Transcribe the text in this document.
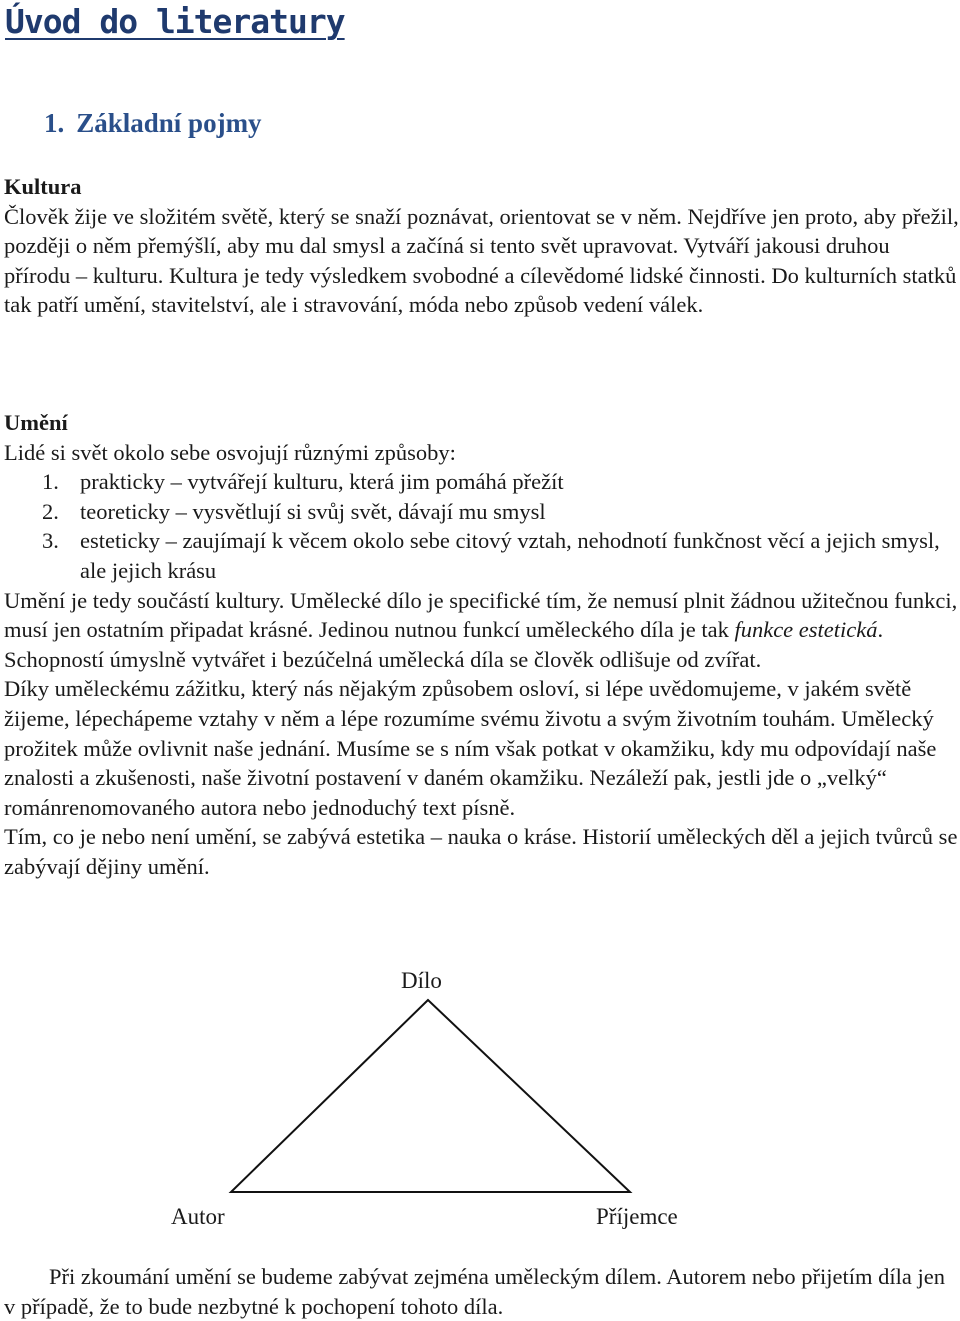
Úvod do literatury
1. Základní pojmy
Kultura

Člověk žije ve složitém světě, který se snaží poznávat, orientovat se v něm. Nejdříve jen proto, aby přežil, později o něm přemýšlí, aby mu dal smysl a začíná si tento svět upravovat. Vytváří jakousi druhou přírodu – kulturu. Kultura je tedy výsledkem svobodné a cílevědomé lidské činnosti. Do kulturních statků tak patří umění, stavitelství, ale i stravování, móda nebo způsob vedení válek.

Umění

Lidé si svět okolo sebe osvojují různými způsoby:

1. prakticky – vytvářejí kulturu, která jim pomáhá přežít
2. teoreticky – vysvětlují si svůj svět, dávají mu smysl
3. esteticky – zaujímají k věcem okolo sebe citový vztah, nehodnotí funkčnost věcí a jejich smysl, ale jejich krásu

Umění je tedy součástí kultury. Umělecké dílo je specifické tím, že nemusí plnit žádnou užitečnou funkci, musí jen ostatním připadat krásné. Jedinou nutnou funkcí uměleckého díla je tak funkce estetická. Schopností úmyslně vytvářet i bezúčelná umělecká díla se člověk odlišuje od zvířat.

Díky uměleckému zážitku, který nás nějakým způsobem osloví, si lépe uvědomujeme, v jakém světě žijeme, lépechápeme vztahy v něm a lépe rozumíme svému životu a svým životním touhám. Umělecký prožitek může ovlivnit naše jednání. Musíme se s ním však potkat v okamžiku, kdy mu odpovídají naše znalosti a zkušenosti, naše životní postavení v daném okamžiku. Nezáleží pak, jestli jde o „velký“ románrenomovaného autora nebo jednoduchý text písně.

Tím, co je nebo není umění, se zabývá estetika – nauka o kráse. Historií uměleckých děl a jejich tvůrců se zabývají dějiny umění.

Dílo
Autor	Příjemce
Při zkoumání umění se budeme zabývat zejména uměleckým dílem. Autorem nebo přijetím díla jen v případě, že to bude nezbytné k pochopení tohoto díla.
